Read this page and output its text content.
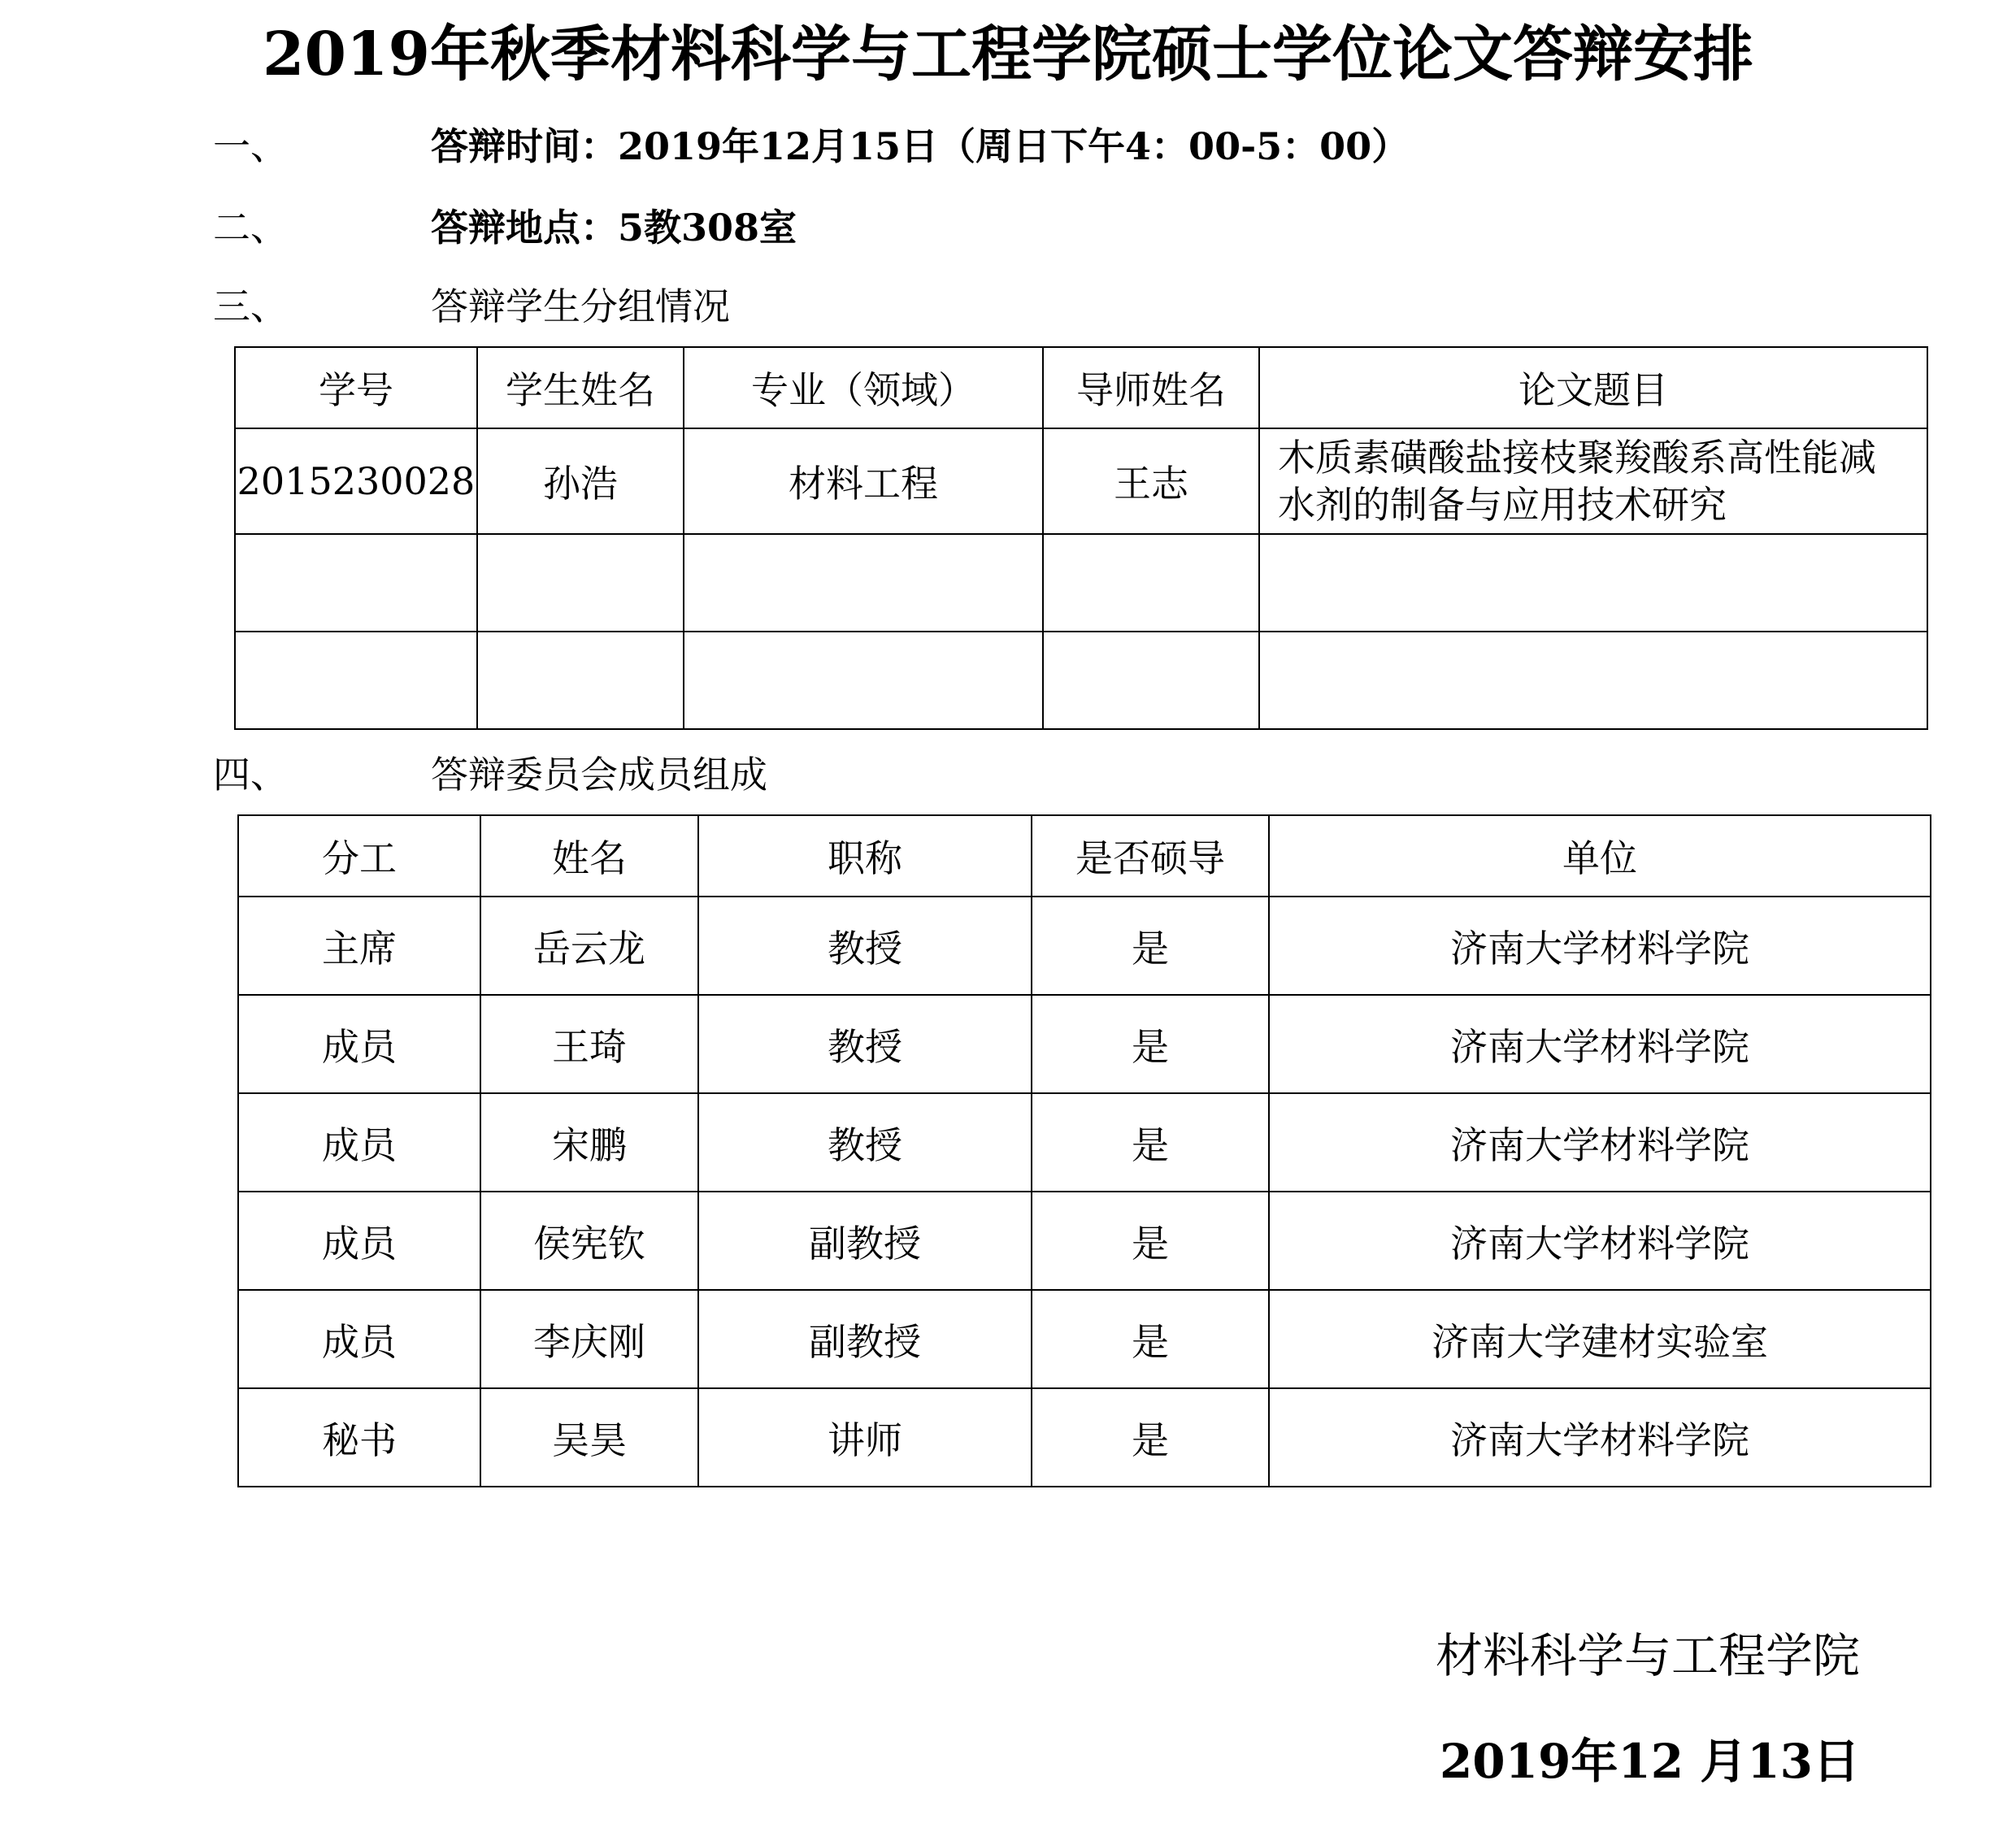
2019年秋季材料科学与工程学院硕士学位论文答辩安排
一、	答辩时间：2019年12月15日（周日下午4：00-5：00）
二、	答辩地点：5教308室
三、	答辩学生分组情况
学号	学生姓名	专业（领域）	导师姓名	论文题目
2015230028	孙浩	材料工程	王志	木质素磺酸盐接枝聚羧酸系高性能减水剂的制备与应用技术研究

四、	答辩委员会成员组成
分工	姓名	职称	是否硕导	单位
主席	岳云龙	教授	是	济南大学材料学院
成员	王琦	教授	是	济南大学材料学院
成员	宋鹏	教授	是	济南大学材料学院
成员	侯宪钦	副教授	是	济南大学材料学院
成员	李庆刚	副教授	是	济南大学建材实验室
秘书	吴昊	讲师	是	济南大学材料学院
材料科学与工程学院
2019年12 月13日
